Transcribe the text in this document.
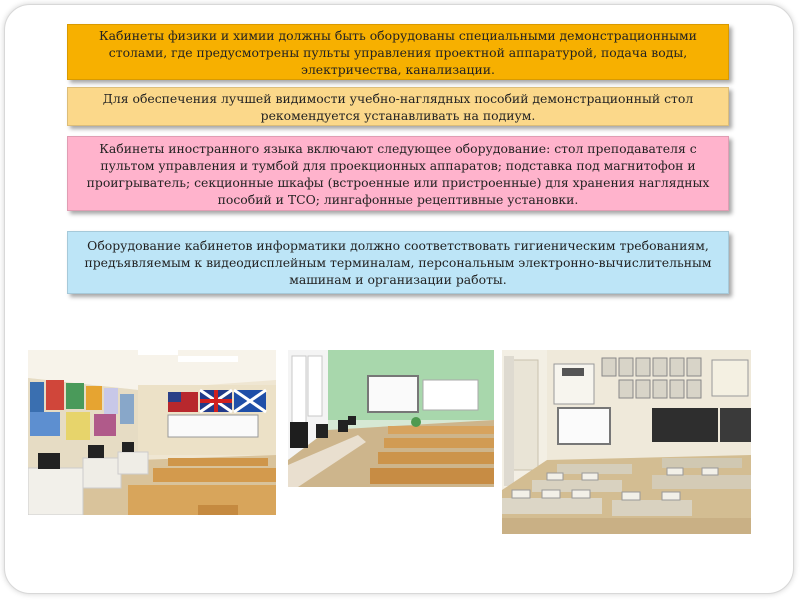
Кабинеты физики и химии должны быть оборудованы специальными демонстрационными
столами, где предусмотрены пульты управления проектной аппаратурой, подача воды,
электричества, канализации.
Для обеспечения лучшей видимости учебно-наглядных пособий демонстрационный стол
рекомендуется устанавливать на подиум.
Кабинеты иностранного языка включают следующее оборудование: стол преподавателя с
пультом управления и тумбой для проекционных аппаратов; подставка под магнитофон и
проигрыватель; секционные шкафы (встроенные или пристроенные) для хранения наглядных
пособий и ТСО; лингафонные рецептивные установки.
Оборудование кабинетов информатики должно соответствовать гигиеническим требованиям,
предъявляемым к видеодисплейным терминалам, персональным электронно-вычислительным
машинам и организации работы.
